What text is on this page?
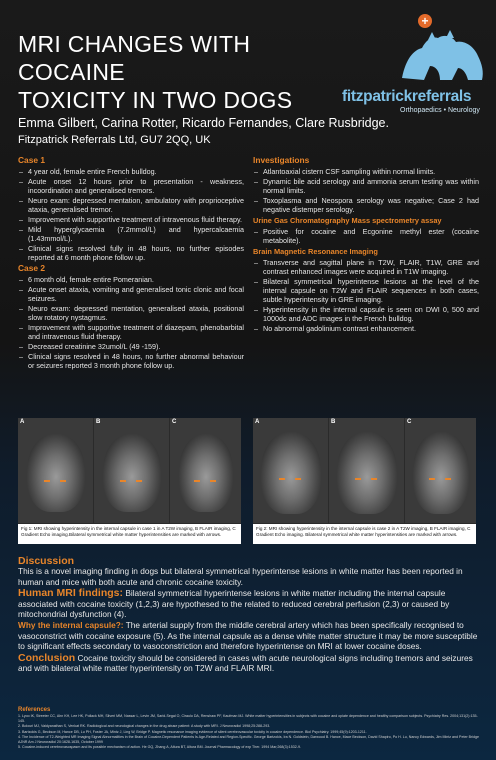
MRI CHANGES WITH COCAINE
TOXICITY IN TWO DOGS
+
fitzpatrickreferrals
Orthopaedics • Neurology
Emma Gilbert, Carina Rotter, Ricardo Fernandes, Clare Rusbridge.
Fitzpatrick Referrals Ltd, GU7 2QQ, UK
Case 1
– 4 year old, female entire French bulldog.
– Acute onset 12 hours prior to presentation - weakness, incoordination and generalised tremors.
– Neuro exam: depressed mentation, ambulatory with proprioceptive ataxia, generalised tremor.
– Improvement with supportive treatment of intravenous fluid therapy.
– Mild hyperglycaemia (7.2mmol/L) and hypercalcaemia (1.43mmol/L).
– Clinical signs resolved fully in 48 hours, no further episodes reported at 6 month phone follow up.
Case 2
– 6 month old, female entire Pomeranian.
– Acute onset ataxia, vomiting and generalised tonic clonic and focal seizures.
– Neuro exam: depressed mentation, generalised ataxia, positional slow rotatory nystagmus.
– Improvement with supportive treatment of diazepam, phenobarbital and intravenous fluid therapy.
– Decreased creatinine 32umol/L (49 -159).
– Clinical signs resolved in 48 hours, no further abnormal behaviour or seizures reported 3 month phone follow up.
Investigations
– Atlantoaxial cistern CSF sampling within normal limits.
– Dynamic bile acid serology and ammonia serum testing was within normal limits.
– Toxoplasma and Neospora serology was negative; Case 2 had negative distemper serology.
Urine Gas Chromatography Mass spectrometry assay
– Positive for cocaine and Ecgonine methyl ester (cocaine metabolite).
Brain Magnetic Resonance Imaging
– Transverse and sagittal plane in T2W, FLAIR, T1W, GRE and contrast enhanced images were acquired in T1W imaging.
– Bilateral symmetrical hyperintense lesions at the level of the internal capsule on T2W and FLAIR sequences in both cases, subtle hyperintensity in GRE imaging.
– Hyperintensity in the internal capsule is seen on DWI 0, 500 and 1000dc and ADC images in the French bulldog.
– No abnormal gadolinium contrast enhancement.
A	B	C
Fig 1: MRI showing hyperintensity in the internal capsule in case 1 in A T2W imaging, B FLAIR imaging, C Gradient Echo imaging.Bilateral symmetrical white matter hyperintensities are marked with arrows.
A	B	C
Fig 2: MRI showing hyperintensity in the internal capsule is case 2 in A T2W imaging, B FLAIR imaging, C Gradient Echo imaging. Bilateral symmetrical white matter hyperintensities are marked with arrows.
Discussion

This is a novel imaging finding in dogs but bilateral symmetrical hyperintense lesions in white matter has been reported in human and mice with both acute and chronic cocaine toxicity.

Human MRI findings: Bilateral symmetrical hyperintense lesions in white matter including the internal capsule associated with cocaine toxicity (1,2,3) are hypothesed to the related to reduced cerebral perfusion (2,3) or caused by mitochondrial dysfunction (4).

Why the internal capsule?: The arterial supply from the middle cerebral artery which has been specifically recognised to vasoconstrict with cocaine exposure (5). As the internal capsule as a dense white matter structure it may be more susceptible to significant effects secondary to vasoconstriction and therefore hyperintense on MRI at lower cocaine doses.

Conclusion Cocaine toxicity should be considered in cases with acute neurological signs including tremors and seizures and with bilateral white matter hyperintensity on T2W and FLAIR MRI.

References
1. Lyoo IK, Streeter CC, Ahn KH, Lee HK, Pollack MH, Silveri MM, Nassar L, Levin JM, Sarid-Segal O, Ciraulo DA, Renshaw PF, Kaufman MJ. White matter hyperintensities in subjects with cocaine and opiate dependence and healthy comparison subjects. Psychiatry Res. 2004;131(2):135-145.
2. Bolouri MJ, Vaidyanathan S, Venkat RK. Radiological and neurological changes in the drug abuse patient: A study with MRI. J Neuroradiol 1998;25:288-293.
3. Bartzokis G, Beckson M, Hance DB, Lu PH, Foster JA, Mintz J, Ling W, Bridge P. Magnetic resonance imaging evidence of silent cerebrovascular toxicity in cocaine dependence. Biol Psychiatry. 1999;45(9):1203-1211.
4. The Incidence of T2-Weighted MR Imaging Signal Abnormalities in the Brain of Cocaine-Dependent Patients Is Age-Related and Region-Specific. George Bartzokis, Ira N. Goldstein, Darwood B. Hance, Mace Beckson, David Shapiro, Po H. Lu, Nancy Edwards, Jim Mintz and Peter Bridge AJNR Am J Neuroradiol 20:1628-1635, October 1999
5. Cocaine-induced cerebrovasospasm and its possible mechanism of action. He GQ, Zhang A, Altura BT, Altura BM. Journal Pharmacology of exp Ther. 1994 Mar;268(3):1532-9.
